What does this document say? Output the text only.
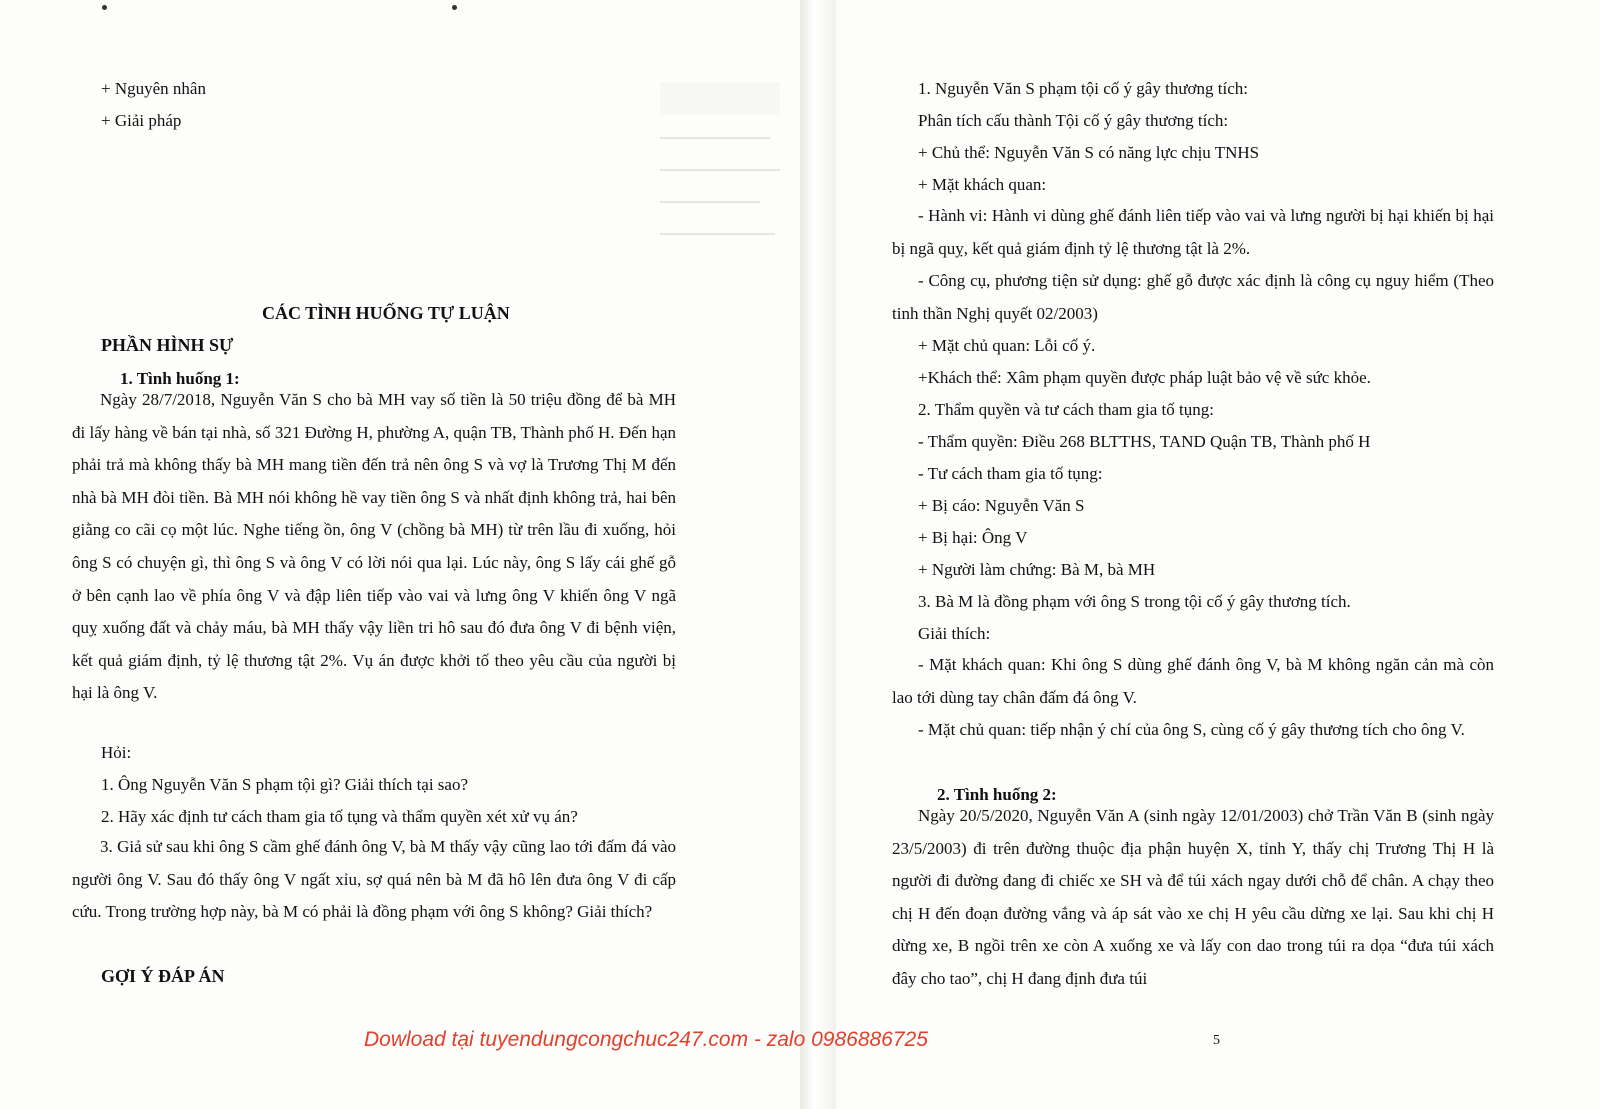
+ Nguyên nhân

+ Giải pháp

CÁC TÌNH HUỐNG TỰ LUẬN

PHẦN HÌNH SỰ

1. Tình huống 1:

Ngày 28/7/2018, Nguyễn Văn S cho bà MH vay số tiền là 50 triệu đồng để bà MH đi lấy hàng về bán tại nhà, số 321 Đường H, phường A, quận TB, Thành phố H. Đến hạn phải trả mà không thấy bà MH mang tiền đến trả nên ông S và vợ là Trương Thị M đến nhà bà MH đòi tiền. Bà MH nói không hề vay tiền ông S và nhất định không trả, hai bên giằng co cãi cọ một lúc. Nghe tiếng ồn, ông V (chồng bà MH) từ trên lầu đi xuống, hỏi ông S có chuyện gì, thì ông S và ông V có lời nói qua lại. Lúc này, ông S lấy cái ghế gỗ ở bên cạnh lao về phía ông V và đập liên tiếp vào vai và lưng ông V khiến ông V ngã quỵ xuống đất và chảy máu, bà MH thấy vậy liền tri hô sau đó đưa ông V đi bệnh viện, kết quả giám định, tỷ lệ thương tật 2%. Vụ án được khởi tố theo yêu cầu của người bị hại là ông V.

Hỏi:

1. Ông Nguyễn Văn S phạm tội gì? Giải thích tại sao?

2. Hãy xác định tư cách tham gia tố tụng và thẩm quyền xét xử vụ án?

3. Giả sử sau khi ông S cầm ghế đánh ông V, bà M thấy vậy cũng lao tới đấm đá vào người ông V. Sau đó thấy ông V ngất xỉu, sợ quá nên bà M đã hô lên đưa ông V đi cấp cứu. Trong trường hợp này, bà M có phải là đồng phạm với ông S không? Giải thích?

GỢI Ý ĐÁP ÁN

1. Nguyễn Văn S phạm tội cố ý gây thương tích:

Phân tích cấu thành Tội cố ý gây thương tích:

+ Chủ thể: Nguyễn Văn S có năng lực chịu TNHS

+ Mặt khách quan:

- Hành vi: Hành vi dùng ghế đánh liên tiếp vào vai và lưng người bị hại khiến bị hại bị ngã quỵ, kết quả giám định tỷ lệ thương tật là 2%.

- Công cụ, phương tiện sử dụng: ghế gỗ được xác định là công cụ nguy hiểm (Theo tinh thần Nghị quyết 02/2003)

+ Mặt chủ quan: Lỗi cố ý.

+Khách thể: Xâm phạm quyền được pháp luật bảo vệ về sức khỏe.

2. Thẩm quyền và tư cách tham gia tố tụng:

- Thẩm quyền: Điều 268 BLTTHS, TAND Quận TB, Thành phố H

- Tư cách tham gia tố tụng:

+ Bị cáo: Nguyễn Văn S

+ Bị hại: Ông V

+ Người làm chứng: Bà M, bà MH

3. Bà M là đồng phạm với ông S trong tội cố ý gây thương tích.

Giải thích:

- Mặt khách quan: Khi ông S dùng ghế đánh ông V, bà M không ngăn cản mà còn lao tới dùng tay chân đấm đá ông V.

- Mặt chủ quan: tiếp nhận ý chí của ông S, cùng cố ý gây thương tích cho ông V.

2. Tình huống 2:

Ngày 20/5/2020, Nguyễn Văn A (sinh ngày 12/01/2003) chở Trần Văn B (sinh ngày 23/5/2003) đi trên đường thuộc địa phận huyện X, tỉnh Y, thấy chị Trương Thị H là người đi đường đang đi chiếc xe SH và để túi xách ngay dưới chỗ để chân. A chạy theo chị H đến đoạn đường vắng và áp sát vào xe chị H yêu cầu dừng xe lại. Sau khi chị H dừng xe, B ngồi trên xe còn A xuống xe và lấy con dao trong túi ra dọa “đưa túi xách đây cho tao”, chị H đang định đưa túi

5

Dowload tại tuyendungcongchuc247.com - zalo 0986886725
